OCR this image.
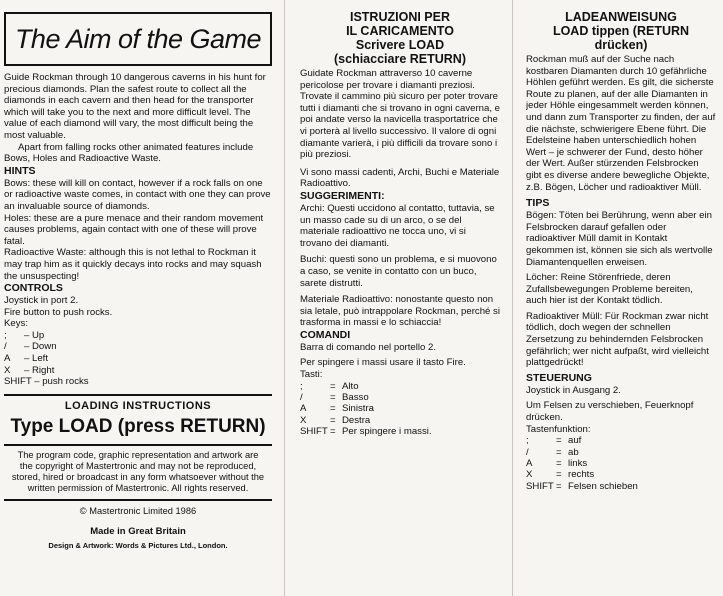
The Aim of the Game

Guide Rockman through 10 dangerous caverns in his hunt for precious diamonds. Plan the safest route to collect all the diamonds in each cavern and then head for the transporter which will take you to the next and more difficult level. The value of each diamond will vary, the most difficult being the most valuable.

Apart from falling rocks other animated features include Bows, Holes and Radioactive Waste.

HINTS

Bows: these will kill on contact, however if a rock falls on one or radioactive waste comes, in contact with one they can prove an invaluable source of diamonds.

Holes: these are a pure menace and their random movement causes problems, again contact with one of these will prove fatal.

Radioactive Waste: although this is not lethal to Rockman it may trap him as it quickly decays into rocks and may squash the unsuspecting!

CONTROLS

Joystick in port 2.

Fire button to push rocks.

Keys:

;	– Up
/	– Down
A	– Left
X	– Right

SHIFT – push rocks

LOADING INSTRUCTIONS
Type LOAD (press RETURN)
The program code, graphic representation and artwork are the copyright of Mastertronic and may not be reproduced, stored, hired or broadcast in any form whatsoever without the written permission of Mastertronic. All rights reserved.
© Mastertronic Limited 1986
Made in Great Britain
Design & Artwork: Words & Pictures Ltd., London.
ISTRUZIONI PER
IL CARICAMENTO
Scrivere LOAD
(schiacciare RETURN)

Guidate Rockman attraverso 10 caverne pericolose per trovare i diamanti preziosi. Trovate il cammino più sicuro per poter trovare tutti i diamanti che si trovano in ogni caverna, e poi andate verso la navicella trasportatrice che vi porterà al livello successivo. Il valore di ogni diamante varierà, i più difficili da trovare sono i più preziosi.

Vi sono massi cadenti, Archi, Buchi e Materiale Radioattivo.

SUGGERIMENTI:

Archi: Questi uccidono al contatto, tuttavia, se un masso cade su di un arco, o se del materiale radioattivo ne tocca uno, vi si trovano dei diamanti.

Buchi: questi sono un problema, e si muovono a caso, se venite in contatto con un buco, sarete distrutti.

Materiale Radioattivo: nonostante questo non sia letale, può intrappolare Rockman, perché si trasforma in massi e lo schiaccia!

COMANDI

Barra di comando nel portello 2.

Per spingere i massi usare il tasto Fire.

Tasti:

;	= Alto
/	= Basso
A	= Sinistra
X	= Destra
SHIFT = Per spingere i massi.
LADEANWEISUNG
LOAD tippen (RETURN
drücken)

Rockman muß auf der Suche nach kostbaren Diamanten durch 10 gefährliche Höhlen geführt werden. Es gilt, die sicherste Route zu planen, auf der alle Diamanten in jeder Höhle eingesammelt werden können, und dann zum Transporter zu finden, der auf die nächste, schwierigere Ebene führt. Die Edelsteine haben unterschiedlich hohen Wert – je schwerer der Fund, desto höher der Wert. Außer stürzenden Felsbrocken gibt es diverse andere bewegliche Objekte, z.B. Bögen, Löcher und radioaktiver Müll.

TIPS

Bögen: Töten bei Berührung, wenn aber ein Felsbrocken darauf gefallen oder radioaktiver Müll damit in Kontakt gekommen ist, können sie sich als wertvolle Diamantenquellen erweisen.

Löcher: Reine Störenfriede, deren Zufallsbewegungen Probleme bereiten, auch hier ist der Kontakt tödlich.

Radioaktiver Müll: Für Rockman zwar nicht tödlich, doch wegen der schnellen Zersetzung zu behindernden Felsbrocken gefährlich; wer nicht aufpaßt, wird vielleicht plattgedrückt!

STEUERUNG

Joystick in Ausgang 2.

Um Felsen zu verschieben, Feuerknopf drücken.

Tastenfunktion:

;	= auf
/	= ab
A	= links
X	= rechts
SHIFT = Felsen schieben
